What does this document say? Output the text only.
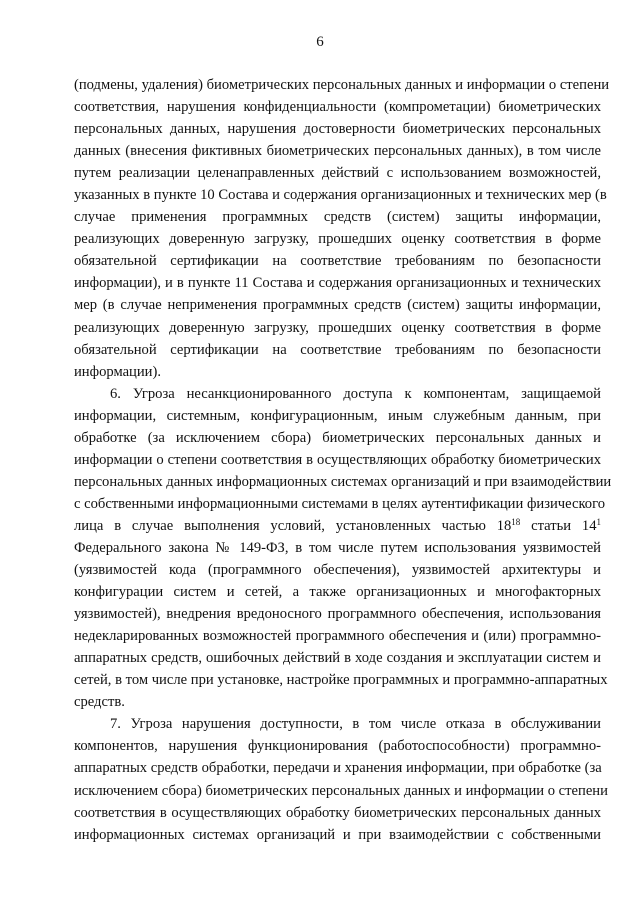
6
(подмены, удаления) биометрических персональных данных и информации о степени
соответствия, нарушения конфиденциальности (компрометации) биометрических
персональных данных, нарушения достоверности биометрических персональных
данных (внесения фиктивных биометрических персональных данных), в том числе
путем реализации целенаправленных действий с использованием возможностей,
указанных в пункте 10 Состава и содержания организационных и технических мер (в
случае применения программных средств (систем) защиты информации,
реализующих доверенную загрузку, прошедших оценку соответствия в форме
обязательной сертификации на соответствие требованиям по безопасности
информации), и в пункте 11 Состава и содержания организационных и технических
мер (в случае неприменения программных средств (систем) защиты информации,
реализующих доверенную загрузку, прошедших оценку соответствия в форме
обязательной сертификации на соответствие требованиям по безопасности
информации).
6. Угроза несанкционированного доступа к компонентам, защищаемой
информации, системным, конфигурационным, иным служебным данным, при
обработке (за исключением сбора) биометрических персональных данных и
информации о степени соответствия в осуществляющих обработку биометрических
персональных данных информационных системах организаций и при взаимодействии
с собственными информационными системами в целях аутентификации физического
лица в случае выполнения условий, установленных частью $18^{18}$ статьи $14^1$
Федерального закона № 149-ФЗ, в том числе путем использования уязвимостей
(уязвимостей кода (программного обеспечения), уязвимостей архитектуры и
конфигурации систем и сетей, а также организационных и многофакторных
уязвимостей), внедрения вредоносного программного обеспечения, использования
недекларированных возможностей программного обеспечения и (или) программно-
аппаратных средств, ошибочных действий в ходе создания и эксплуатации систем и
сетей, в том числе при установке, настройке программных и программно-аппаратных
средств.
7. Угроза нарушения доступности, в том числе отказа в обслуживании
компонентов, нарушения функционирования (работоспособности) программно-
аппаратных средств обработки, передачи и хранения информации, при обработке (за
исключением сбора) биометрических персональных данных и информации о степени
соответствия в осуществляющих обработку биометрических персональных данных
информационных системах организаций и при взаимодействии с собственными
